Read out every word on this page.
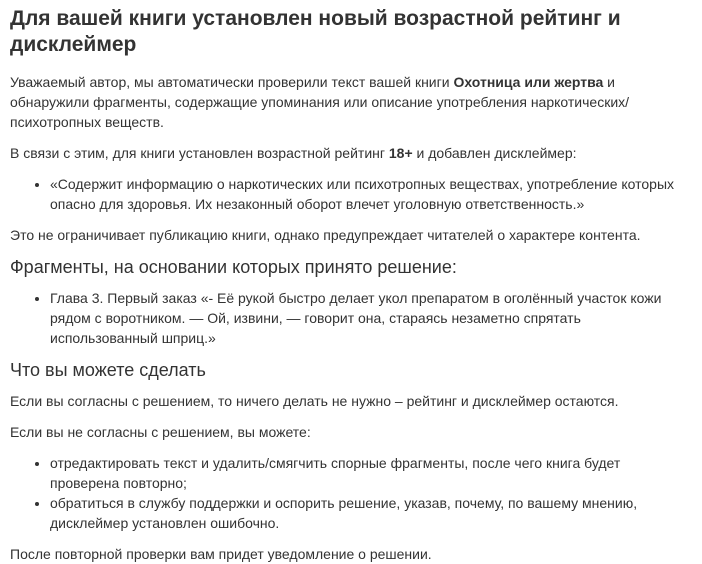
Для вашей книги установлен новый возрастной рейтинг и дисклеймер

Уважаемый автор, мы автоматически проверили текст вашей книги Охотница или жертва и обнаружили фрагменты, содержащие упоминания или описание употребления наркотических/психотропных веществ.

В связи с этим, для книги установлен возрастной рейтинг 18+ и добавлен дисклеймер:

• «Содержит информацию о наркотических или психотропных веществах, употребление которых опасно для здоровья. Их незаконный оборот влечет уголовную ответственность.»

Это не ограничивает публикацию книги, однако предупреждает читателей о характере контента.

Фрагменты, на основании которых принято решение:
• Глава 3. Первый заказ «- Её рукой быстро делает укол препаратом в оголённый участок кожи рядом с воротником. — Ой, извини, — говорит она, стараясь незаметно спрятать использованный шприц.»
Что вы можете сделать

Если вы согласны с решением, то ничего делать не нужно – рейтинг и дисклеймер остаются.

Если вы не согласны с решением, вы можете:

• отредактировать текст и удалить/смягчить спорные фрагменты, после чего книга будет проверена повторно;
• обратиться в службу поддержки и оспорить решение, указав, почему, по вашему мнению, дисклеймер установлен ошибочно.

После повторной проверки вам придет уведомление о решении.
